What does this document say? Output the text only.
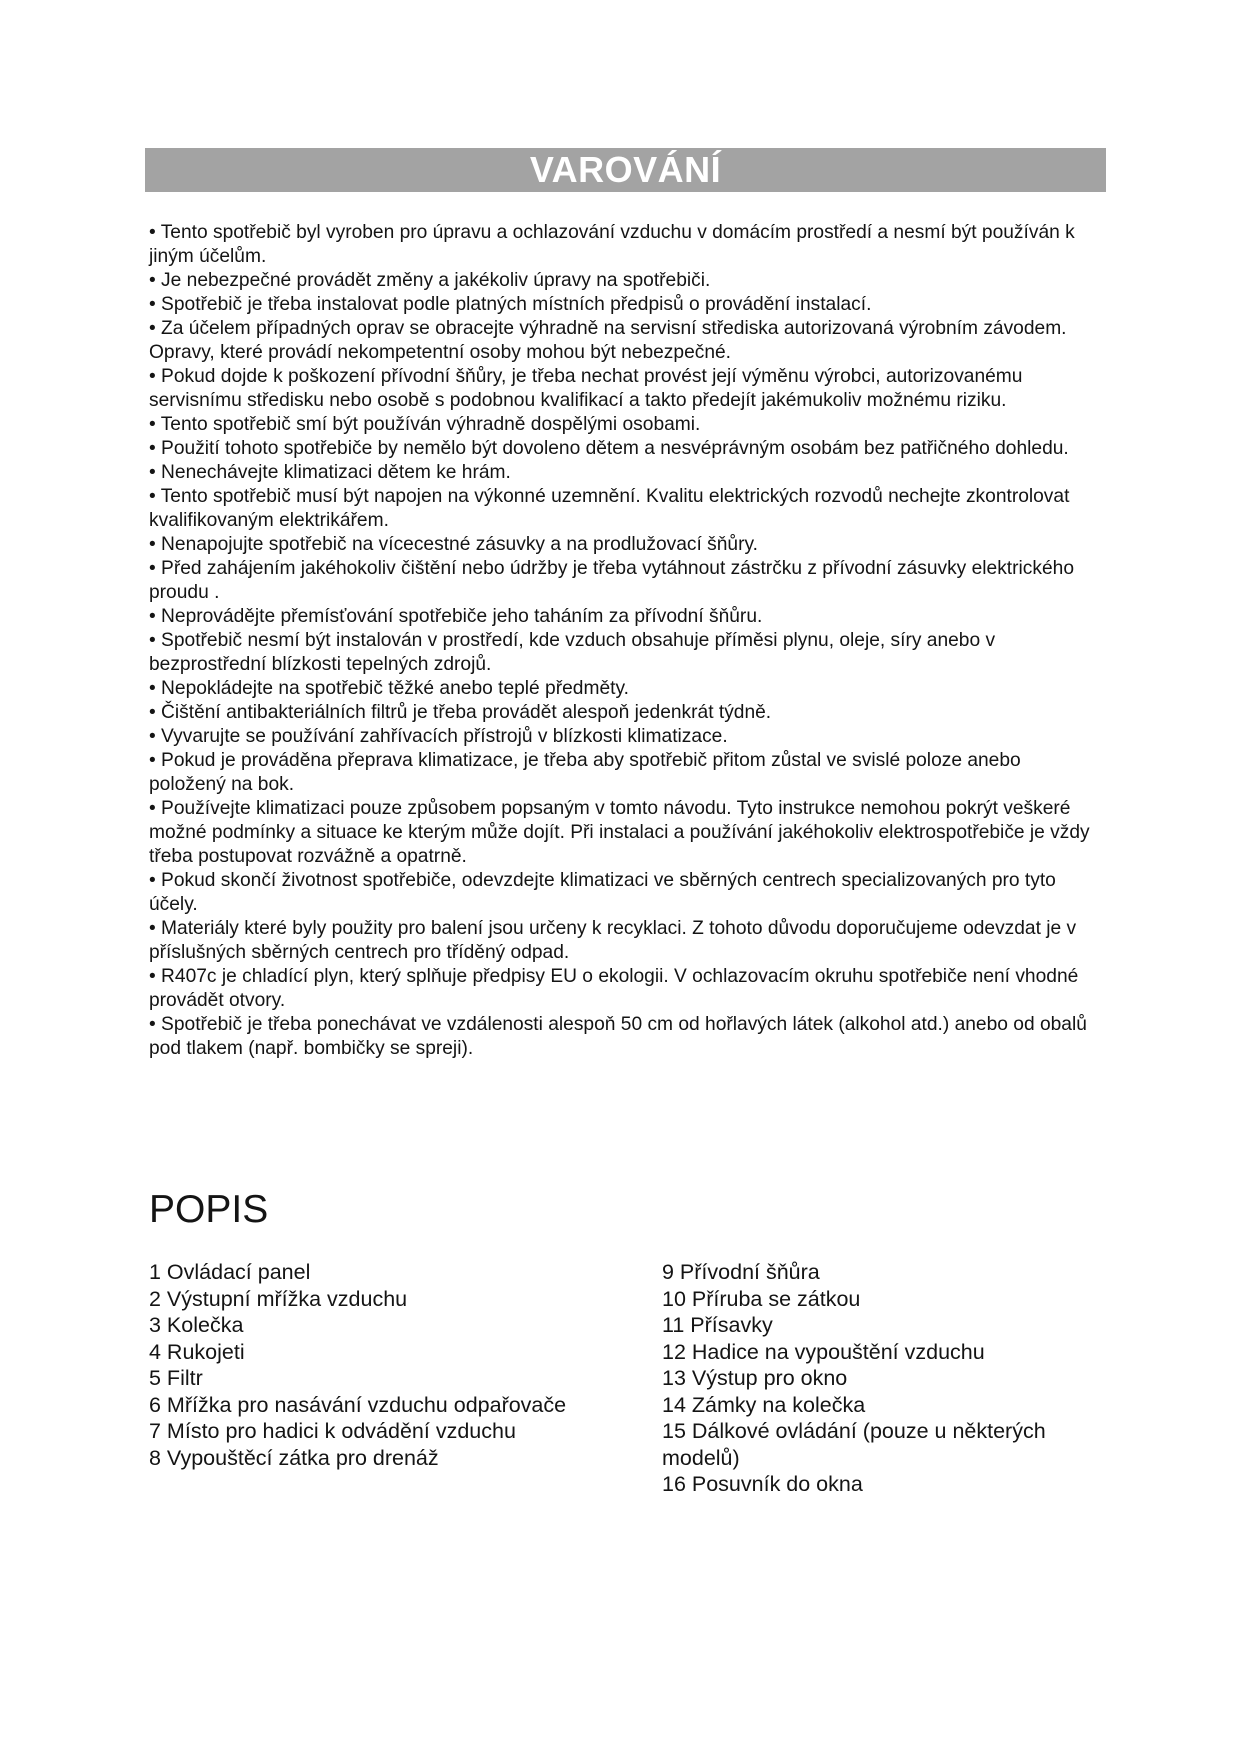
VAROVÁNÍ
• Tento spotřebič byl vyroben pro úpravu a ochlazování vzduchu v domácím prostředí a nesmí být používán k jiným účelům.
• Je nebezpečné provádět změny a jakékoliv úpravy na spotřebiči.
• Spotřebič je třeba instalovat podle platných místních předpisů o provádění instalací.
• Za účelem případných oprav se obracejte výhradně na servisní střediska autorizovaná výrobním závodem. Opravy, které provádí nekompetentní osoby mohou být nebezpečné.
• Pokud dojde k poškození přívodní šňůry, je třeba nechat provést její výměnu výrobci, autorizovanému servisnímu středisku nebo osobě s podobnou kvalifikací a takto předejít jakémukoliv možnému riziku.
• Tento spotřebič smí být používán výhradně dospělými osobami.
• Použití tohoto spotřebiče by nemělo být dovoleno dětem a nesvéprávným osobám bez patřičného dohledu.
• Nenechávejte klimatizaci dětem ke hrám.
• Tento spotřebič musí být napojen na výkonné uzemnění. Kvalitu elektrických rozvodů nechejte zkontrolovat kvalifikovaným elektrikářem.
• Nenapojujte spotřebič na vícecestné zásuvky a na prodlužovací šňůry.
• Před zahájením jakéhokoliv čištění nebo údržby je třeba vytáhnout zástrčku z přívodní zásuvky elektrického proudu .
• Neprovádějte přemísťování spotřebiče jeho taháním za přívodní šňůru.
• Spotřebič nesmí být instalován v prostředí, kde vzduch obsahuje příměsi plynu, oleje, síry anebo v bezprostřední blízkosti tepelných zdrojů.
• Nepokládejte na spotřebič těžké anebo teplé předměty.
• Čištění antibakteriálních filtrů je třeba provádět alespoň jedenkrát týdně.
• Vyvarujte se používání zahřívacích přístrojů v blízkosti klimatizace.
• Pokud je prováděna přeprava klimatizace, je třeba aby spotřebič přitom zůstal ve svislé poloze anebo položený na bok.
• Používejte klimatizaci pouze způsobem popsaným v tomto návodu. Tyto instrukce nemohou pokrýt veškeré možné podmínky a situace ke kterým může dojít. Při instalaci a používání jakéhokoliv elektrospotřebiče je vždy třeba postupovat rozvážně a opatrně.
• Pokud skončí životnost spotřebiče, odevzdejte klimatizaci ve sběrných centrech specializovaných pro tyto účely.
• Materiály které byly použity pro balení jsou určeny k recyklaci. Z tohoto důvodu doporučujeme odevzdat je v příslušných sběrných centrech pro tříděný odpad.
• R407c je chladící plyn, který splňuje předpisy EU o ekologii. V ochlazovacím okruhu spotřebiče není vhodné provádět otvory.
• Spotřebič je třeba ponechávat ve vzdálenosti alespoň 50 cm od hořlavých látek (alkohol atd.) anebo od obalů pod tlakem (např. bombičky se spreji).
POPIS
1 Ovládací panel
2 Výstupní mřížka vzduchu
3 Kolečka
4 Rukojeti
5 Filtr
6 Mřížka pro nasávání vzduchu odpařovače
7 Místo pro hadici k odvádění vzduchu
8 Vypouštěcí zátka pro drenáž
9 Přívodní šňůra
10 Příruba se zátkou
11 Přísavky
12 Hadice na vypouštění vzduchu
13 Výstup pro okno
14 Zámky na kolečka
15 Dálkové ovládání (pouze u některých modelů)
16 Posuvník do okna
